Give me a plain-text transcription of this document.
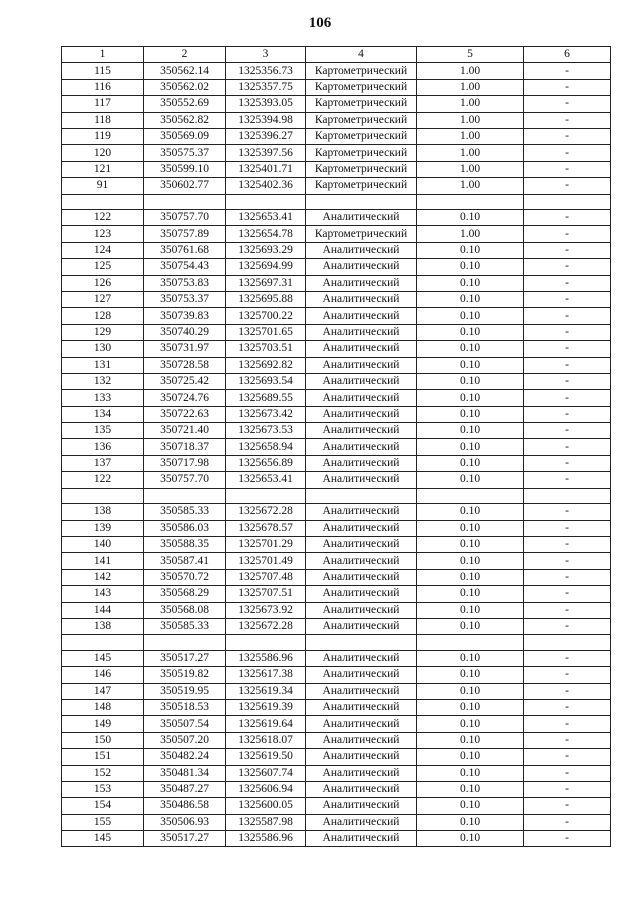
106
1	2	3	4	5	6
115	350562.14	1325356.73	Картометрический	1.00	-
116	350562.02	1325357.75	Картометрический	1.00	-
117	350552.69	1325393.05	Картометрический	1.00	-
118	350562.82	1325394.98	Картометрический	1.00	-
119	350569.09	1325396.27	Картометрический	1.00	-
120	350575.37	1325397.56	Картометрический	1.00	-
121	350599.10	1325401.71	Картометрический	1.00	-
91	350602.77	1325402.36	Картометрический	1.00	-

122	350757.70	1325653.41	Аналитический	0.10	-
123	350757.89	1325654.78	Картометрический	1.00	-
124	350761.68	1325693.29	Аналитический	0.10	-
125	350754.43	1325694.99	Аналитический	0.10	-
126	350753.83	1325697.31	Аналитический	0.10	-
127	350753.37	1325695.88	Аналитический	0.10	-
128	350739.83	1325700.22	Аналитический	0.10	-
129	350740.29	1325701.65	Аналитический	0.10	-
130	350731.97	1325703.51	Аналитический	0.10	-
131	350728.58	1325692.82	Аналитический	0.10	-
132	350725.42	1325693.54	Аналитический	0.10	-
133	350724.76	1325689.55	Аналитический	0.10	-
134	350722.63	1325673.42	Аналитический	0.10	-
135	350721.40	1325673.53	Аналитический	0.10	-
136	350718.37	1325658.94	Аналитический	0.10	-
137	350717.98	1325656.89	Аналитический	0.10	-
122	350757.70	1325653.41	Аналитический	0.10	-

138	350585.33	1325672.28	Аналитический	0.10	-
139	350586.03	1325678.57	Аналитический	0.10	-
140	350588.35	1325701.29	Аналитический	0.10	-
141	350587.41	1325701.49	Аналитический	0.10	-
142	350570.72	1325707.48	Аналитический	0.10	-
143	350568.29	1325707.51	Аналитический	0.10	-
144	350568.08	1325673.92	Аналитический	0.10	-
138	350585.33	1325672.28	Аналитический	0.10	-

145	350517.27	1325586.96	Аналитический	0.10	-
146	350519.82	1325617.38	Аналитический	0.10	-
147	350519.95	1325619.34	Аналитический	0.10	-
148	350518.53	1325619.39	Аналитический	0.10	-
149	350507.54	1325619.64	Аналитический	0.10	-
150	350507.20	1325618.07	Аналитический	0.10	-
151	350482.24	1325619.50	Аналитический	0.10	-
152	350481.34	1325607.74	Аналитический	0.10	-
153	350487.27	1325606.94	Аналитический	0.10	-
154	350486.58	1325600.05	Аналитический	0.10	-
155	350506.93	1325587.98	Аналитический	0.10	-
145	350517.27	1325586.96	Аналитический	0.10	-
